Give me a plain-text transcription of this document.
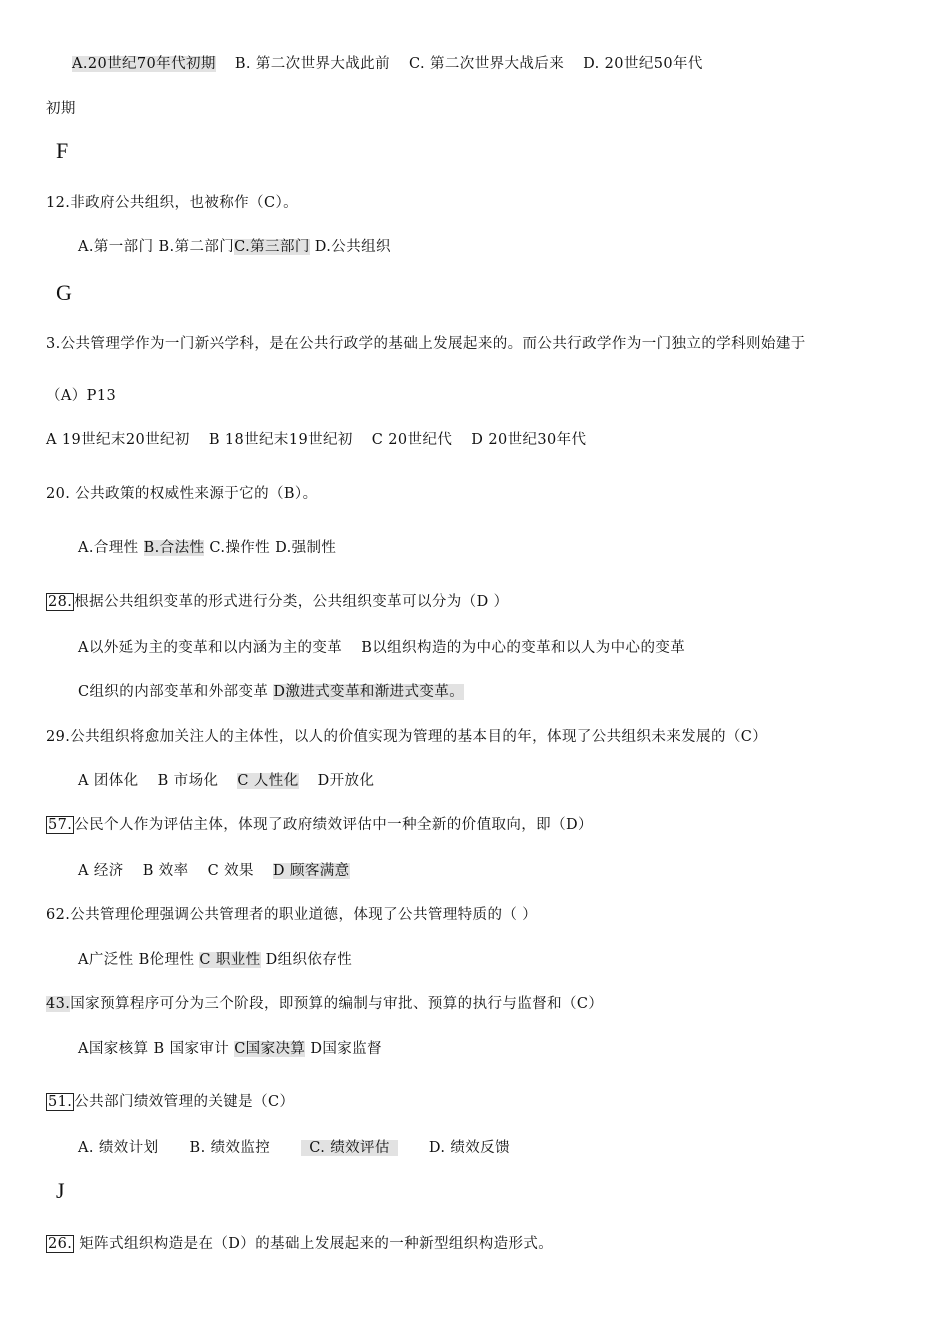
A.20世纪70年代初期 B. 第二次世界大战此前 C. 第二次世界大战后来 D. 20世纪50年代
初期
F
12.非政府公共组织，也被称作（C）。
A.第一部门 B.第二部门C.第三部门 D.公共组织
G
3.公共管理学作为一门新兴学科，是在公共行政学的基础上发展起来的。而公共行政学作为一门独立的学科则始建于
（A）P13
A 19世纪末20世纪初 B 18世纪末19世纪初 C 20世纪代 D 20世纪30年代
20. 公共政策的权威性来源于它的（B）。
A.合理性 B.合法性 C.操作性 D.强制性
28. 根据公共组织变革的形式进行分类，公共组织变革可以分为（D ）
A以外延为主的变革和以内涵为主的变革 B以组织构造的为中心的变革和以人为中心的变革
C组织的内部变革和外部变革 D激进式变革和渐进式变革。
29.公共组织将愈加关注人的主体性，以人的价值实现为管理的基本目的年，体现了公共组织未来发展的（C）
A 团体化 B 市场化 C 人性化 D开放化
57. 公民个人作为评估主体，体现了政府绩效评估中一种全新的价值取向，即（D）
A 经济 B 效率 C 效果 D 顾客满意
62.公共管理伦理强调公共管理者的职业道德，体现了公共管理特质的（ ）
A广泛性 B伦理性 C 职业性 D组织依存性
43.国家预算程序可分为三个阶段，即预算的编制与审批、预算的执行与监督和（C）
A国家核算 B 国家审计 C国家决算 D国家监督
51. 公共部门绩效管理的关键是（C）
A. 绩效计划 B. 绩效监控	C. 绩效评估	D. 绩效反馈
J
26. 矩阵式组织构造是在（D）的基础上发展起来的一种新型组织构造形式。
